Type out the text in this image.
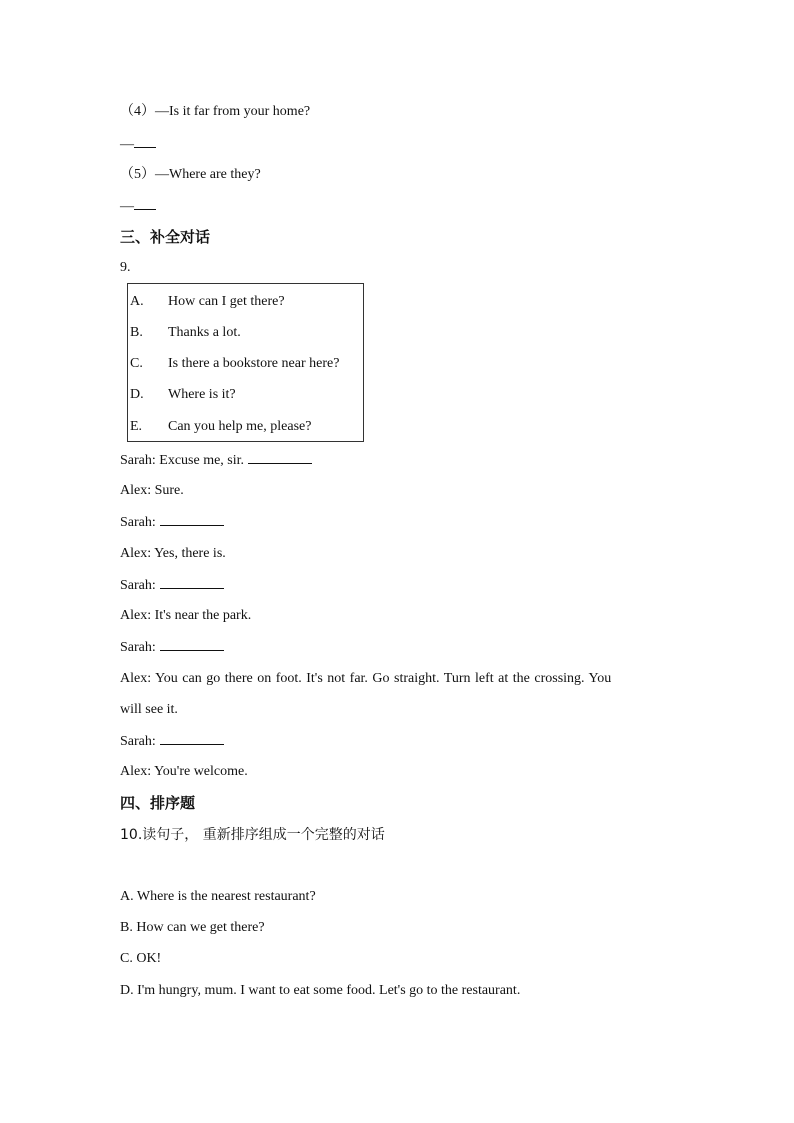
（4）—Is it far from your home?
—
（5）—Where are they?
—
三、补全对话
9.
A. How can I get there?
B. Thanks a lot.
C. Is there a bookstore near here?
D. Where is it?
E. Can you help me, please?
Sarah: Excuse me, sir.
Alex: Sure.
Sarah:
Alex: Yes, there is.
Sarah:
Alex: It's near the park.
Sarah:
Alex: You can go there on foot. It's not far. Go straight. Turn left at the crossing. You
will see it.
Sarah:
Alex: You're welcome.
四、排序题
10.读句子， 重新排序组成一个完整的对话
A. Where is the nearest restaurant?
B. How can we get there?
C. OK!
D. I'm hungry, mum. I want to eat some food. Let's go to the restaurant.
